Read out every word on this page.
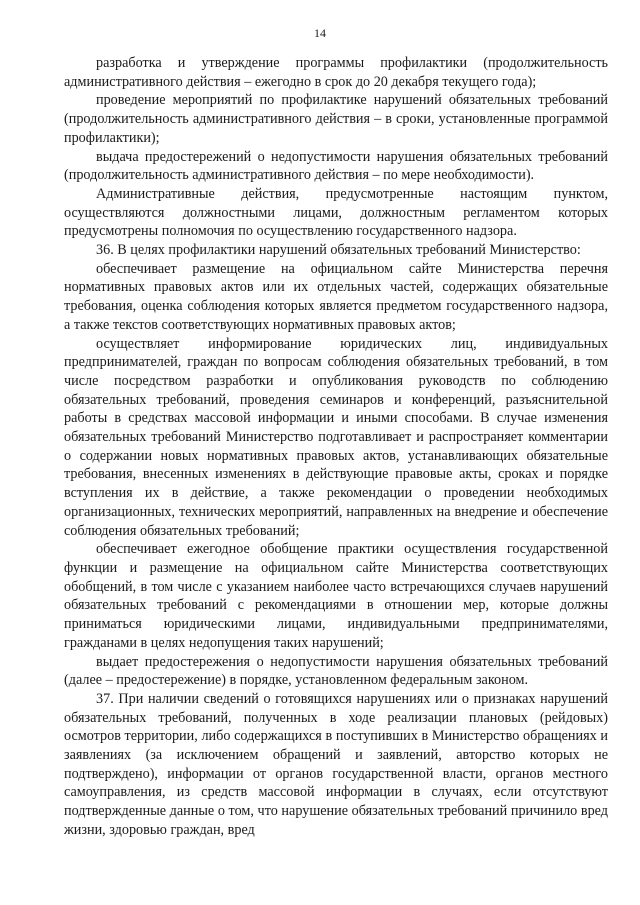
14

разработка и утверждение программы профилактики (продолжительность административного действия – ежегодно в срок до 20 декабря текущего года);

проведение мероприятий по профилактике нарушений обязательных требований (продолжительность административного действия – в сроки, установленные программой профилактики);

выдача предостережений о недопустимости нарушения обязательных требований (продолжительность административного действия – по мере необходимости).

Административные действия, предусмотренные настоящим пунктом, осуществляются должностными лицами, должностным регламентом которых предусмотрены полномочия по осуществлению государственного надзора.

36. В целях профилактики нарушений обязательных требований Министерство:

обеспечивает размещение на официальном сайте Министерства перечня нормативных правовых актов или их отдельных частей, содержащих обязательные требования, оценка соблюдения которых является предметом государственного надзора, а также текстов соответствующих нормативных правовых актов;

осуществляет информирование юридических лиц, индивидуальных предпринимателей, граждан по вопросам соблюдения обязательных требований, в том числе посредством разработки и опубликования руководств по соблюдению обязательных требований, проведения семинаров и конференций, разъяснительной работы в средствах массовой информации и иными способами. В случае изменения обязательных требований Министерство подготавливает и распространяет комментарии о содержании новых нормативных правовых актов, устанавливающих обязательные требования, внесенных изменениях в действующие правовые акты, сроках и порядке вступления их в действие, а также рекомендации о проведении необходимых организационных, технических мероприятий, направленных на внедрение и обеспечение соблюдения обязательных требований;

обеспечивает ежегодное обобщение практики осуществления государственной функции и размещение на официальном сайте Министерства соответствующих обобщений, в том числе с указанием наиболее часто встречающихся случаев нарушений обязательных требований с рекомендациями в отношении мер, которые должны приниматься юридическими лицами, индивидуальными предпринимателями, гражданами в целях недопущения таких нарушений;

выдает предостережения о недопустимости нарушения обязательных требований (далее – предостережение) в порядке, установленном федеральным законом.

37. При наличии сведений о готовящихся нарушениях или о признаках нарушений обязательных требований, полученных в ходе реализации плановых (рейдовых) осмотров территории, либо содержащихся в поступивших в Министерство обращениях и заявлениях (за исключением обращений и заявлений, авторство которых не подтверждено), информации от органов государственной власти, органов местного самоуправления, из средств массовой информации в случаях, если отсутствуют подтвержденные данные о том, что нарушение обязательных требований причинило вред жизни, здоровью граждан, вред
